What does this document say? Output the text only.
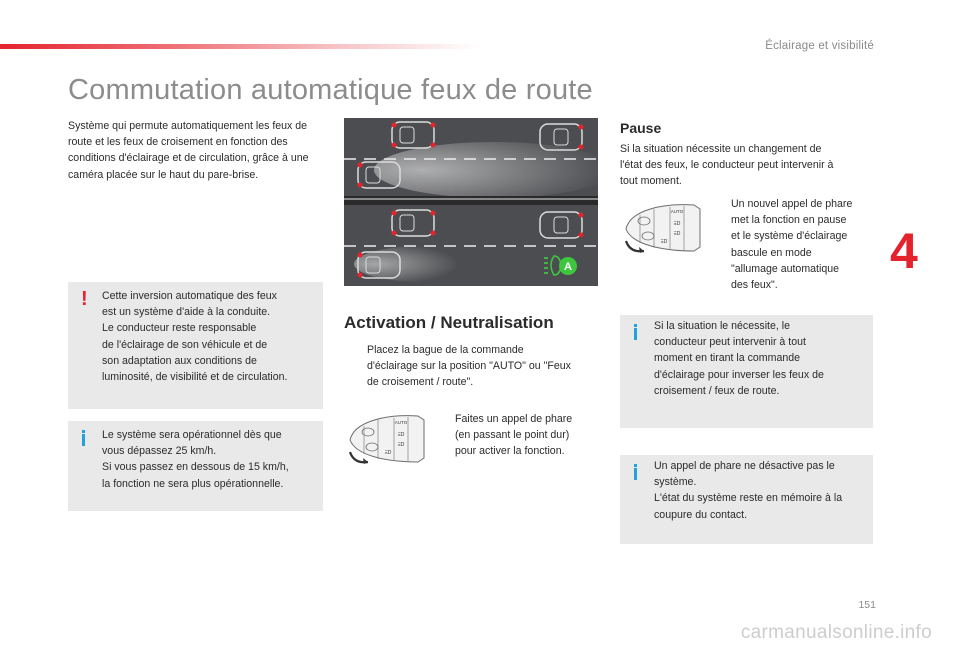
Éclairage et visibilité
Commutation automatique feux de route
4
Système qui permute automatiquement les feux de route et les feux de croisement en fonction des conditions d'éclairage et de circulation, grâce à une caméra placée sur le haut du pare-brise.
! Cette inversion automatique des feux
est un système d'aide à la conduite.
Le conducteur reste responsable
de l'éclairage de son véhicule et de
son adaptation aux conditions de
luminosité, de visibilité et de circulation.
Le système sera opérationnel dès que
vous dépassez 25 km/h.
Si vous passez en dessous de 15 km/h,
la fonction ne sera plus opérationnelle.
A
Activation / Neutralisation
Placez la bague de la commande
d'éclairage sur la position "AUTO" ou "Feux
de croisement / route".
AUTO
ΞD
ΞD
ΞD
Faites un appel de phare
(en passant le point dur)
pour activer la fonction.
Pause
Si la situation nécessite un changement de
l'état des feux, le conducteur peut intervenir à
tout moment.
AUTO
ΞD
ΞD
ΞD
Un nouvel appel de phare
met la fonction en pause
et le système d'éclairage
bascule en mode
"allumage automatique
des feux".
Si la situation le nécessite, le
conducteur peut intervenir à tout
moment en tirant la commande
d'éclairage pour inverser les feux de
croisement / feux de route.
Un appel de phare ne désactive pas le
système.
L'état du système reste en mémoire à la
coupure du contact.
151
carmanualsonline.info
